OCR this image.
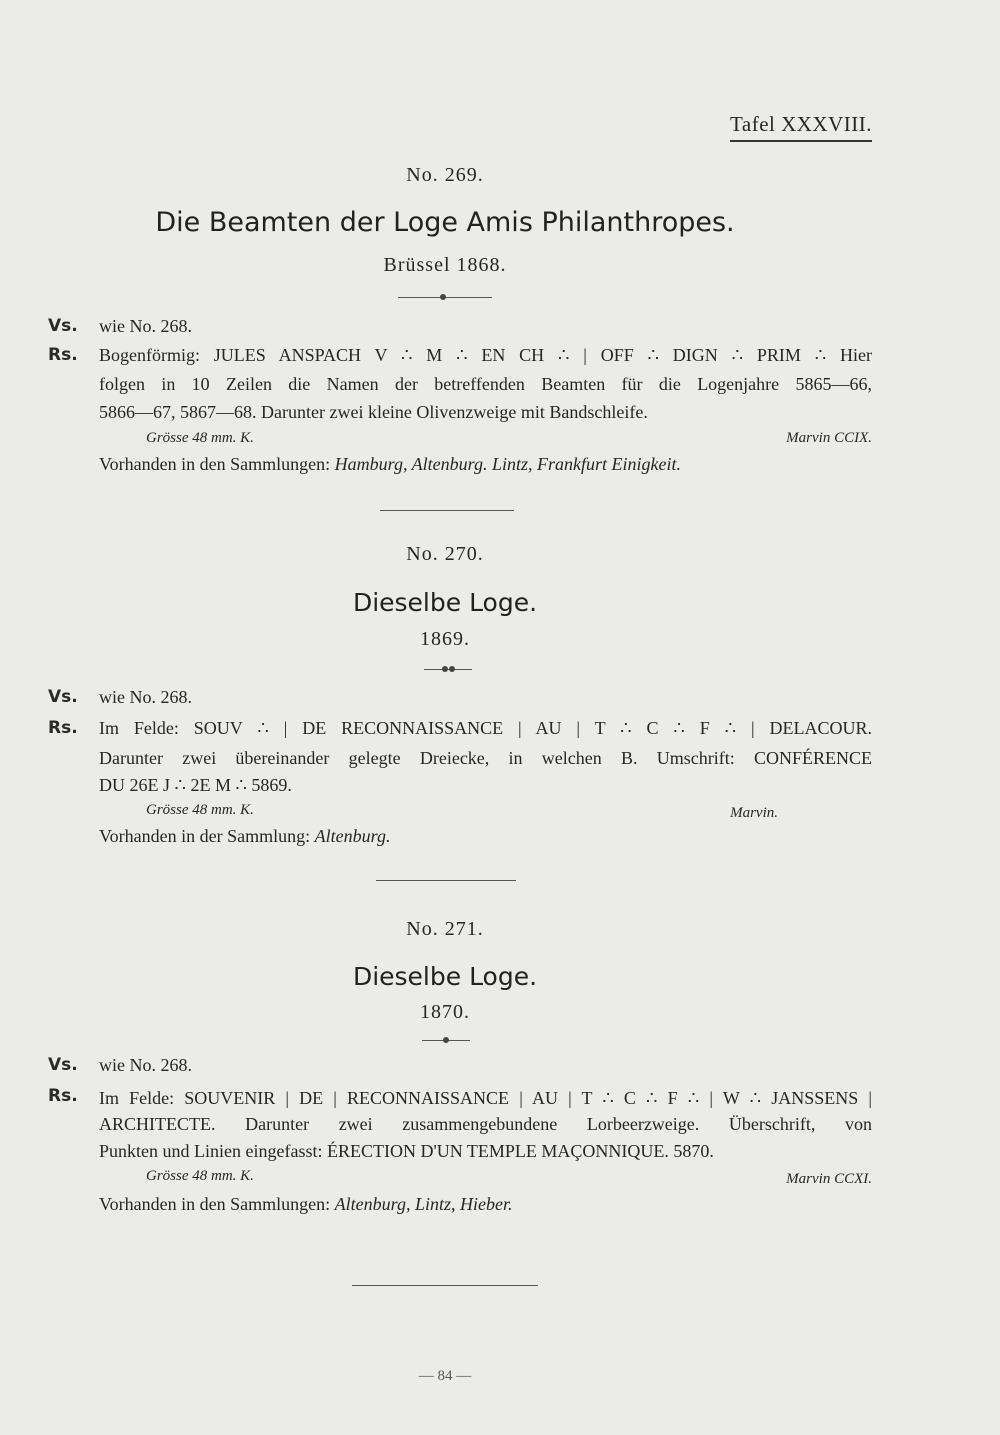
Tafel XXXVIII.
No. 269.
Die Beamten der Loge Amis Philanthropes.
Brüssel 1868.
Vs. wie No. 268.
Rs. Bogenförmig: JULES ANSPACH V ∴ M ∴ EN CH ∴ | OFF ∴ DIGN ∴ PRIM ∴ Hier
folgen in 10 Zeilen die Namen der betreffenden Beamten für die Logenjahre 5865—66,
5866—67, 5867—68. Darunter zwei kleine Olivenzweige mit Bandschleife.
Grösse 48 mm. K.	Marvin CCIX.
Vorhanden in den Sammlungen: Hamburg, Altenburg. Lintz, Frankfurt Einigkeit.
No. 270.
Dieselbe Loge.
1869.
Vs. wie No. 268.
Rs. Im Felde: SOUV ∴ | DE RECONNAISSANCE | AU | T ∴ C ∴ F ∴ | DELACOUR.
Darunter zwei übereinander gelegte Dreiecke, in welchen B. Umschrift: CONFÉRENCE
DU 26E J ∴ 2E M ∴ 5869.
Grösse 48 mm. K.	Marvin.
Vorhanden in der Sammlung: Altenburg.
No. 271.
Dieselbe Loge.
1870.
Vs. wie No. 268.
Rs. Im Felde: SOUVENIR | DE | RECONNAISSANCE | AU | T ∴ C ∴ F ∴ | W ∴ JANSSENS |
ARCHITECTE. Darunter zwei zusammengebundene Lorbeerzweige. Überschrift, von
Punkten und Linien eingefasst: ÉRECTION D'UN TEMPLE MAÇONNIQUE. 5870.
Grösse 48 mm. K.	Marvin CCXI.
Vorhanden in den Sammlungen: Altenburg, Lintz, Hieber.
— 84 —
